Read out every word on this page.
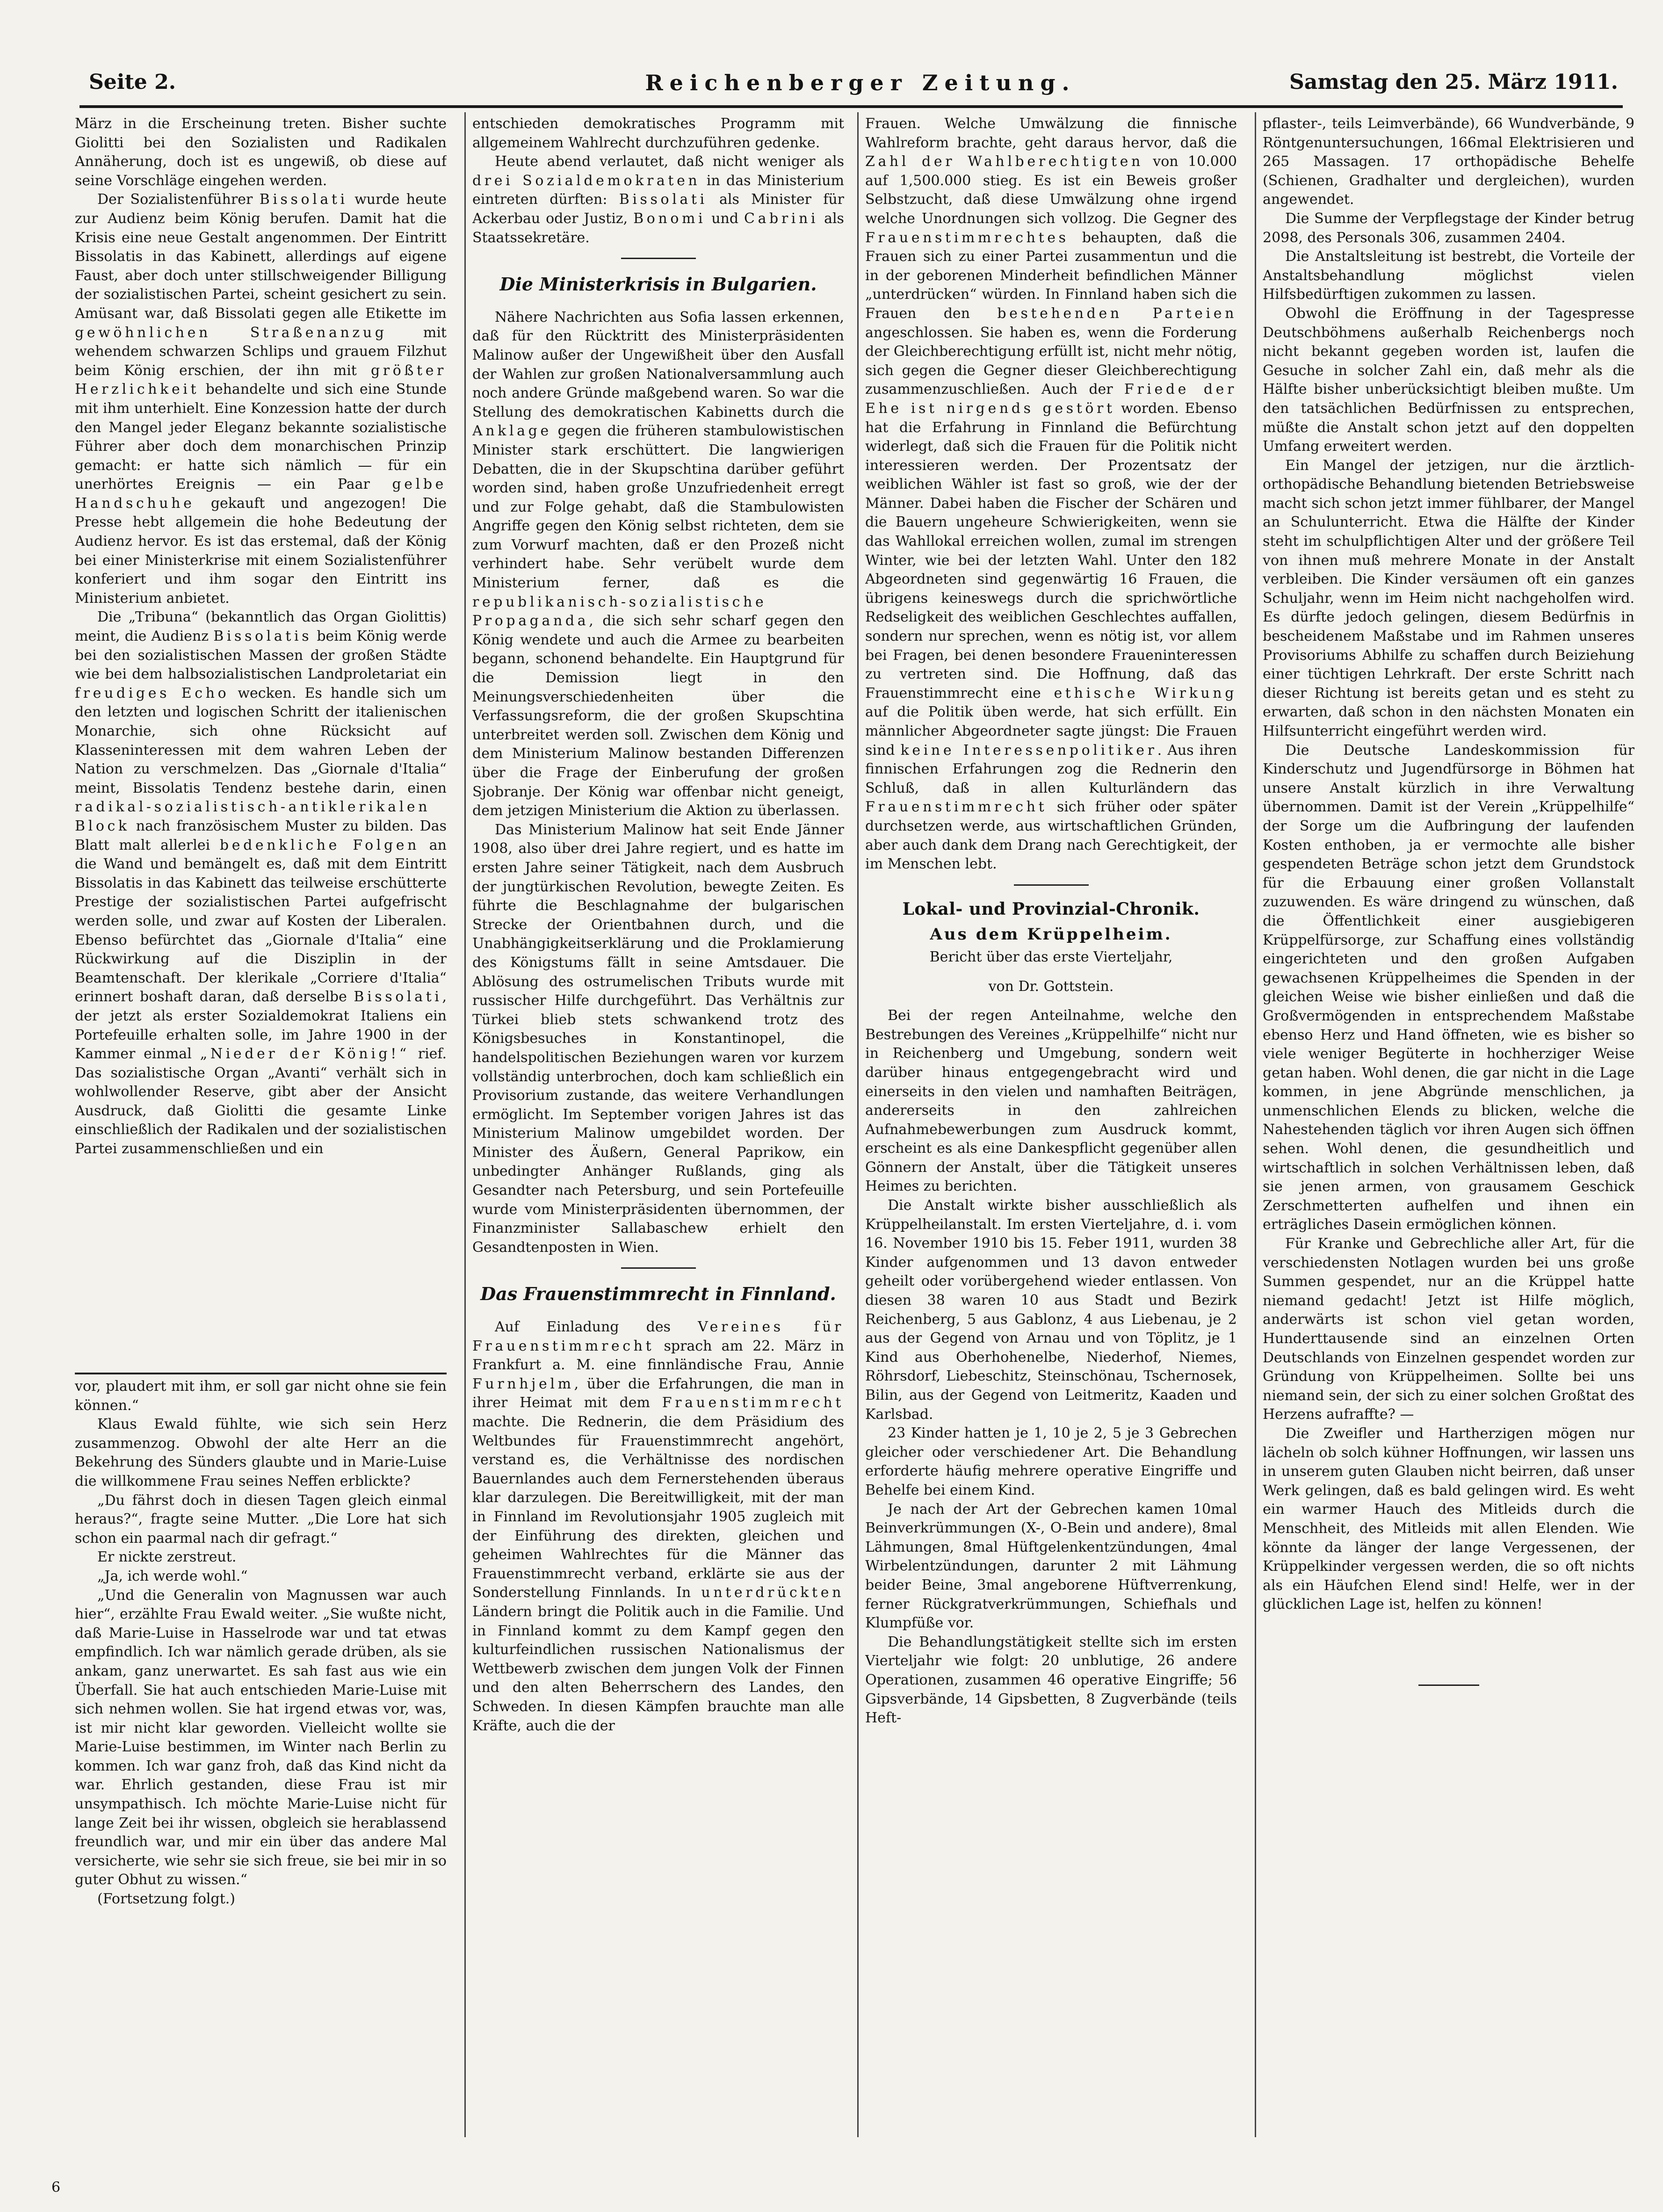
Seite 2.	Reichenberger Zeitung.	Samstag den 25. März 1911.

März in die Erscheinung treten. Bisher suchte Giolitti bei den Sozialisten und Radikalen Annäherung, doch ist es ungewiß, ob diese auf seine Vorschläge eingehen werden.

Der Sozialistenführer Bissolati wurde heute zur Audienz beim König berufen. Damit hat die Krisis eine neue Gestalt angenommen. Der Eintritt Bissolatis in das Kabinett, allerdings auf eigene Faust, aber doch unter stillschweigender Billigung der sozialistischen Partei, scheint gesichert zu sein. Amüsant war, daß Bissolati gegen alle Etikette im gewöhnlichen Straßenanzug	mit wehendem schwarzen Schlips und grauem Filzhut beim König erschien, der ihn mit größter Herzlichkeit behandelte und sich eine Stunde mit ihm unterhielt. Eine Konzession hatte der durch den Mangel jeder Eleganz bekannte sozialistische Führer aber doch dem monarchischen Prinzip gemacht: er hatte sich nämlich — für ein unerhörtes Ereignis — ein Paar gelbe Handschuhe gekauft und angezogen! Die Presse hebt allgemein die hohe Bedeutung der Audienz hervor. Es ist das erstemal, daß der König bei einer Ministerkrise mit einem Sozialistenführer konferiert und ihm sogar den Eintritt ins Ministerium anbietet.

Die „Tribuna“ (bekanntlich das Organ Giolittis) meint, die Audienz Bissolatis beim König werde bei den sozialistischen Massen der großen Städte wie bei dem halbsozialistischen Landproletariat ein freudiges Echo wecken. Es handle sich um den letzten und logischen Schritt der italienischen Monarchie, sich ohne Rücksicht auf Klasseninteressen mit dem wahren Leben der Nation zu verschmelzen. Das „Giornale d'Italia“ meint, Bissolatis Tendenz bestehe darin, einen radikal-sozialistisch-antiklerikalen Block nach französischem Muster zu bilden. Das Blatt malt allerlei bedenkliche Folgen an die Wand und bemängelt es, daß mit dem Eintritt Bissolatis in das Kabinett das teilweise erschütterte Prestige der sozialistischen Partei aufgefrischt werden solle, und zwar auf Kosten der Liberalen. Ebenso befürchtet das „Giornale d'Italia“ eine Rückwirkung auf die Disziplin in der Beamtenschaft. Der klerikale „Corriere d'Italia“ erinnert boshaft daran, daß derselbe Bissolati, der jetzt als erster Sozialdemokrat Italiens ein Portefeuille erhalten solle, im Jahre 1900 in der Kammer einmal „Nieder der König!“ rief. Das sozialistische Organ „Avanti“ verhält sich in wohlwollender Reserve, gibt aber der Ansicht Ausdruck, daß Giolitti die gesamte Linke einschließlich der Radikalen und der sozialistischen Partei zusammenschließen und ein

vor, plaudert mit ihm, er soll gar nicht ohne sie fein können.“

Klaus Ewald fühlte, wie sich sein Herz zusammenzog. Obwohl der alte Herr an die Bekehrung des Sünders glaubte und in Marie-Luise die willkommene Frau seines Neffen erblickte?

„Du fährst doch in diesen Tagen gleich einmal heraus?“, fragte seine Mutter. „Die Lore hat sich schon ein paarmal nach dir gefragt.“

Er nickte zerstreut.

„Ja, ich werde wohl.“

„Und die Generalin von Magnussen war auch hier“, erzählte Frau Ewald weiter. „Sie wußte nicht, daß Marie-Luise in Hasselrode war und tat etwas empfindlich. Ich war nämlich gerade drüben, als sie ankam, ganz unerwartet. Es sah fast aus wie ein Überfall. Sie hat auch entschieden Marie-Luise mit sich nehmen wollen. Sie hat irgend etwas vor, was, ist mir nicht klar geworden. Vielleicht wollte sie Marie-Luise bestimmen, im Winter nach Berlin zu kommen. Ich war ganz froh, daß das Kind nicht da war. Ehrlich gestanden, diese Frau ist mir unsympathisch. Ich möchte Marie-Luise nicht für lange Zeit bei ihr wissen, obgleich sie herablassend freundlich war, und mir ein über das andere Mal versicherte, wie sehr sie sich freue, sie bei mir in so guter Obhut zu wissen.“

(Fortsetzung folgt.)

entschieden demokratisches Programm mit allgemeinem Wahlrecht durchzuführen gedenke.

Heute abend verlautet, daß nicht weniger als drei Sozialdemokraten in das Ministerium eintreten dürften: Bissolati als Minister für Ackerbau oder Justiz, Bonomi und Cabrini als Staatssekretäre.

Die Ministerkrisis in Bulgarien.

Nähere Nachrichten aus Sofia lassen erkennen, daß für den Rücktritt des Ministerpräsidenten Malinow außer der Ungewißheit über den Ausfall der Wahlen zur großen Nationalversammlung auch noch andere Gründe maßgebend waren. So war die Stellung des demokratischen Kabinetts durch die Anklage gegen die früheren stambulowistischen Minister stark erschüttert. Die langwierigen Debatten, die in der Skupschtina darüber geführt worden sind, haben große Unzufriedenheit erregt und zur Folge gehabt, daß die Stambulowisten Angriffe gegen den König selbst richteten, dem sie zum Vorwurf machten, daß er den Prozeß nicht verhindert habe. Sehr verübelt wurde dem Ministerium ferner, daß es die republikanisch-sozialistische Propaganda, die sich sehr scharf gegen den König wendete und auch die Armee zu bearbeiten begann, schonend behandelte. Ein Hauptgrund für die Demission liegt in den Meinungsverschiedenheiten über die Verfassungsreform, die der großen Skupschtina unterbreitet werden soll. Zwischen dem König und dem Ministerium Malinow bestanden Differenzen über die Frage der Einberufung der großen Sjobranje. Der König war offenbar nicht geneigt, dem jetzigen Ministerium die Aktion zu überlassen.

Das Ministerium Malinow hat seit Ende Jänner 1908, also über drei Jahre regiert, und es hatte im ersten Jahre seiner Tätigkeit, nach dem Ausbruch der jungtürkischen Revolution, bewegte Zeiten. Es führte die Beschlagnahme der bulgarischen Strecke der Orientbahnen durch, und die Unabhängigkeitserklärung und die Proklamierung des Königstums fällt in seine Amtsdauer. Die Ablösung des ostrumelischen Tributs wurde mit russischer Hilfe durchgeführt. Das Verhältnis zur Türkei blieb stets schwankend trotz des Königsbesuches in Konstantinopel, die handelspolitischen Beziehungen waren vor kurzem vollständig unterbrochen, doch kam schließlich ein Provisorium zustande, das weitere Verhandlungen ermöglicht. Im September vorigen Jahres ist das Ministerium Malinow umgebildet worden. Der Minister des Äußern, General Paprikow, ein unbedingter Anhänger Rußlands, ging als Gesandter nach Petersburg, und sein Portefeuille wurde vom Ministerpräsidenten übernommen, der Finanzminister Sallabaschew erhielt den Gesandtenposten in Wien.

Das Frauenstimmrecht in Finnland.

Auf Einladung des Vereines für Frauenstimmrecht sprach am 22. März in Frankfurt a. M. eine finnländische Frau, Annie Furnhjelm, über die Erfahrungen, die man in ihrer Heimat mit dem Frauenstimmrecht machte. Die Rednerin, die dem Präsidium des Weltbundes für Frauenstimmrecht angehört, verstand es, die Verhältnisse des nordischen Bauernlandes auch dem Fernerstehenden überaus klar darzulegen. Die Bereitwilligkeit, mit der man in Finnland im Revolutionsjahr 1905 zugleich mit der Einführung des direkten, gleichen und geheimen Wahlrechtes für die Männer das Frauenstimmrecht verband, erklärte sie aus der Sonderstellung Finnlands. In unterdrückten Ländern bringt die Politik auch in die Familie. Und in Finnland kommt zu dem Kampf gegen den kulturfeindlichen russischen Nationalismus der Wettbewerb zwischen dem jungen Volk der Finnen und den alten Beherrschern des Landes, den Schweden. In diesen Kämpfen brauchte man alle Kräfte, auch die der

Frauen. Welche Umwälzung die finnische Wahlreform brachte, geht daraus hervor, daß die Zahl der Wahlberechtigten von 10.000 auf 1,500.000 stieg. Es ist ein Beweis großer Selbstzucht, daß diese Umwälzung ohne irgend welche Unordnungen sich vollzog. Die Gegner des Frauenstimmrechtes behaupten, daß die Frauen sich zu einer Partei zusammentun und die in der geborenen Minderheit befindlichen Männer „unterdrücken“ würden. In Finnland haben sich die Frauen den bestehenden Parteien angeschlossen. Sie haben es, wenn die Forderung der Gleichberechtigung erfüllt ist, nicht mehr nötig, sich gegen die Gegner dieser Gleichberechtigung zusammenzuschließen. Auch der Friede der Ehe ist nirgends gestört worden. Ebenso hat die Erfahrung in Finnland die Befürchtung widerlegt, daß sich die Frauen für die Politik nicht interessieren werden. Der Prozentsatz der weiblichen Wähler ist fast so groß, wie der der Männer. Dabei haben die Fischer der Schären und die Bauern ungeheure Schwierigkeiten, wenn sie das Wahllokal erreichen wollen, zumal im strengen Winter, wie bei der letzten Wahl. Unter den 182 Abgeordneten sind gegenwärtig 16 Frauen, die übrigens keineswegs durch die sprichwörtliche Redseligkeit des weiblichen Geschlechtes auffallen, sondern nur sprechen, wenn es nötig ist, vor allem bei Fragen, bei denen besondere Fraueninteressen zu vertreten sind. Die Hoffnung, daß das Frauenstimmrecht eine ethische Wirkung auf die Politik üben werde, hat sich erfüllt. Ein männlicher Abgeordneter sagte jüngst: Die Frauen sind keine Interessenpolitiker. Aus ihren finnischen Erfahrungen zog die Rednerin den Schluß, daß in allen Kulturländern das Frauenstimmrecht sich früher oder später durchsetzen werde, aus wirtschaftlichen Gründen, aber auch dank dem Drang nach Gerechtigkeit, der im Menschen lebt.

Lokal- und Provinzial-Chronik.
Aus dem Krüppelheim.
Bericht über das erste Vierteljahr,
von Dr. Gottstein.

Bei der regen Anteilnahme, welche den Bestrebungen des Vereines „Krüppelhilfe“ nicht nur in Reichenberg und Umgebung, sondern weit darüber hinaus entgegengebracht wird und einerseits in den vielen und namhaften Beiträgen, andererseits in den zahlreichen Aufnahmebewerbungen zum Ausdruck kommt, erscheint es als eine Dankespflicht gegenüber allen Gönnern der Anstalt, über die Tätigkeit unseres Heimes zu berichten.

Die Anstalt wirkte bisher ausschließlich als Krüppelheilanstalt. Im ersten Vierteljahre, d. i. vom 16. November 1910 bis 15. Feber 1911, wurden 38 Kinder aufgenommen und 13 davon entweder geheilt oder vorübergehend wieder entlassen. Von diesen 38 waren 10 aus Stadt und Bezirk Reichenberg, 5 aus Gablonz, 4 aus Liebenau, je 2 aus der Gegend von Arnau und von Töplitz, je 1 Kind aus Oberhohenelbe, Niederhof, Niemes, Röhrsdorf, Liebeschitz, Steinschönau, Tschernosek, Bilin, aus der Gegend von Leitmeritz, Kaaden und Karlsbad.

23 Kinder hatten je 1, 10 je 2, 5 je 3 Gebrechen gleicher oder verschiedener Art. Die Behandlung erforderte häufig mehrere operative Eingriffe und Behelfe bei einem Kind.

Je nach der Art der Gebrechen kamen 10mal Beinverkrümmungen (X-, O-Bein und andere), 8mal Lähmungen, 8mal Hüftgelenkentzündungen, 4mal Wirbelentzündungen, darunter 2 mit Lähmung beider Beine, 3mal angeborene Hüftverrenkung, ferner Rückgratverkrümmungen, Schiefhals und Klumpfüße vor.

Die Behandlungstätigkeit stellte sich im ersten Vierteljahr wie folgt: 20 unblutige, 26 andere Operationen, zusammen 46 operative Eingriffe; 56 Gipsverbände, 14 Gipsbetten, 8 Zugverbände (teils Heft-

pflaster-, teils Leimverbände), 66 Wundverbände, 9 Röntgenuntersuchungen, 166mal Elektrisieren und 265 Massagen. 17 orthopädische Behelfe (Schienen, Gradhalter und dergleichen), wurden angewendet.

Die Summe der Verpflegstage der Kinder betrug 2098, des Personals 306, zusammen 2404.

Die Anstaltsleitung ist bestrebt, die Vorteile der Anstaltsbehandlung möglichst vielen Hilfsbedürftigen zukommen zu lassen.

Obwohl die Eröffnung in der Tagespresse Deutschböhmens außerhalb Reichenbergs noch nicht bekannt gegeben worden ist, laufen die Gesuche in solcher Zahl ein, daß mehr als die Hälfte bisher unberücksichtigt bleiben mußte. Um den tatsächlichen Bedürfnissen zu entsprechen, müßte die Anstalt schon jetzt auf den doppelten Umfang erweitert werden.

Ein Mangel der jetzigen, nur die ärztlich-orthopädische Behandlung bietenden Betriebsweise macht sich schon jetzt immer fühlbarer, der Mangel an Schulunterricht. Etwa die Hälfte der Kinder steht im schulpflichtigen Alter und der größere Teil von ihnen muß mehrere Monate in der Anstalt verbleiben. Die Kinder versäumen oft ein ganzes Schuljahr, wenn im Heim nicht nachgeholfen wird. Es dürfte jedoch gelingen, diesem Bedürfnis in bescheidenem Maßstabe und im Rahmen unseres Provisoriums Abhilfe zu schaffen durch Beiziehung einer tüchtigen Lehrkraft. Der erste Schritt nach dieser Richtung ist bereits getan und es steht zu erwarten, daß schon in den nächsten Monaten ein Hilfsunterricht eingeführt werden wird.

Die Deutsche Landeskommission für Kinderschutz und Jugendfürsorge in Böhmen hat unsere Anstalt kürzlich in ihre Verwaltung übernommen. Damit ist der Verein „Krüppelhilfe“ der Sorge um die Aufbringung der laufenden Kosten enthoben, ja er vermochte alle bisher gespendeten Beträge schon jetzt dem Grundstock für die Erbauung einer großen Vollanstalt zuzuwenden. Es wäre dringend zu wünschen, daß die Öffentlichkeit einer ausgiebigeren Krüppelfürsorge, zur Schaffung eines vollständig eingerichteten und den großen Aufgaben gewachsenen Krüppelheimes die Spenden in der gleichen Weise wie bisher einließen und daß die Großvermögenden in entsprechendem Maßstabe ebenso Herz und Hand öffneten, wie es bisher so viele weniger Begüterte in hochherziger Weise getan haben. Wohl denen, die gar nicht in die Lage kommen, in jene Abgründe menschlichen, ja unmenschlichen Elends zu blicken, welche die Nahestehenden täglich vor ihren Augen sich öffnen sehen. Wohl denen, die gesundheitlich und wirtschaftlich in solchen Verhältnissen leben, daß sie jenen armen, von grausamem Geschick Zerschmetterten aufhelfen und ihnen ein erträgliches Dasein ermöglichen können.

Für Kranke und Gebrechliche aller Art, für die verschiedensten Notlagen wurden bei uns große Summen gespendet, nur an die Krüppel hatte niemand gedacht! Jetzt ist Hilfe möglich, anderwärts ist schon viel getan worden, Hunderttausende sind an einzelnen Orten Deutschlands von Einzelnen gespendet worden zur Gründung von Krüppelheimen. Sollte bei uns niemand sein, der sich zu einer solchen Großtat des Herzens aufraffte? —

Die Zweifler und Hartherzigen mögen nur lächeln ob solch kühner Hoffnungen, wir lassen uns in unserem guten Glauben nicht beirren, daß unser Werk gelingen, daß es bald gelingen wird. Es weht ein warmer Hauch des Mitleids durch die Menschheit, des Mitleids mit allen Elenden. Wie könnte da länger der lange Vergessenen, der Krüppelkinder vergessen werden, die so oft nichts als ein Häufchen Elend sind! Helfe, wer in der glücklichen Lage ist, helfen zu können!

6
